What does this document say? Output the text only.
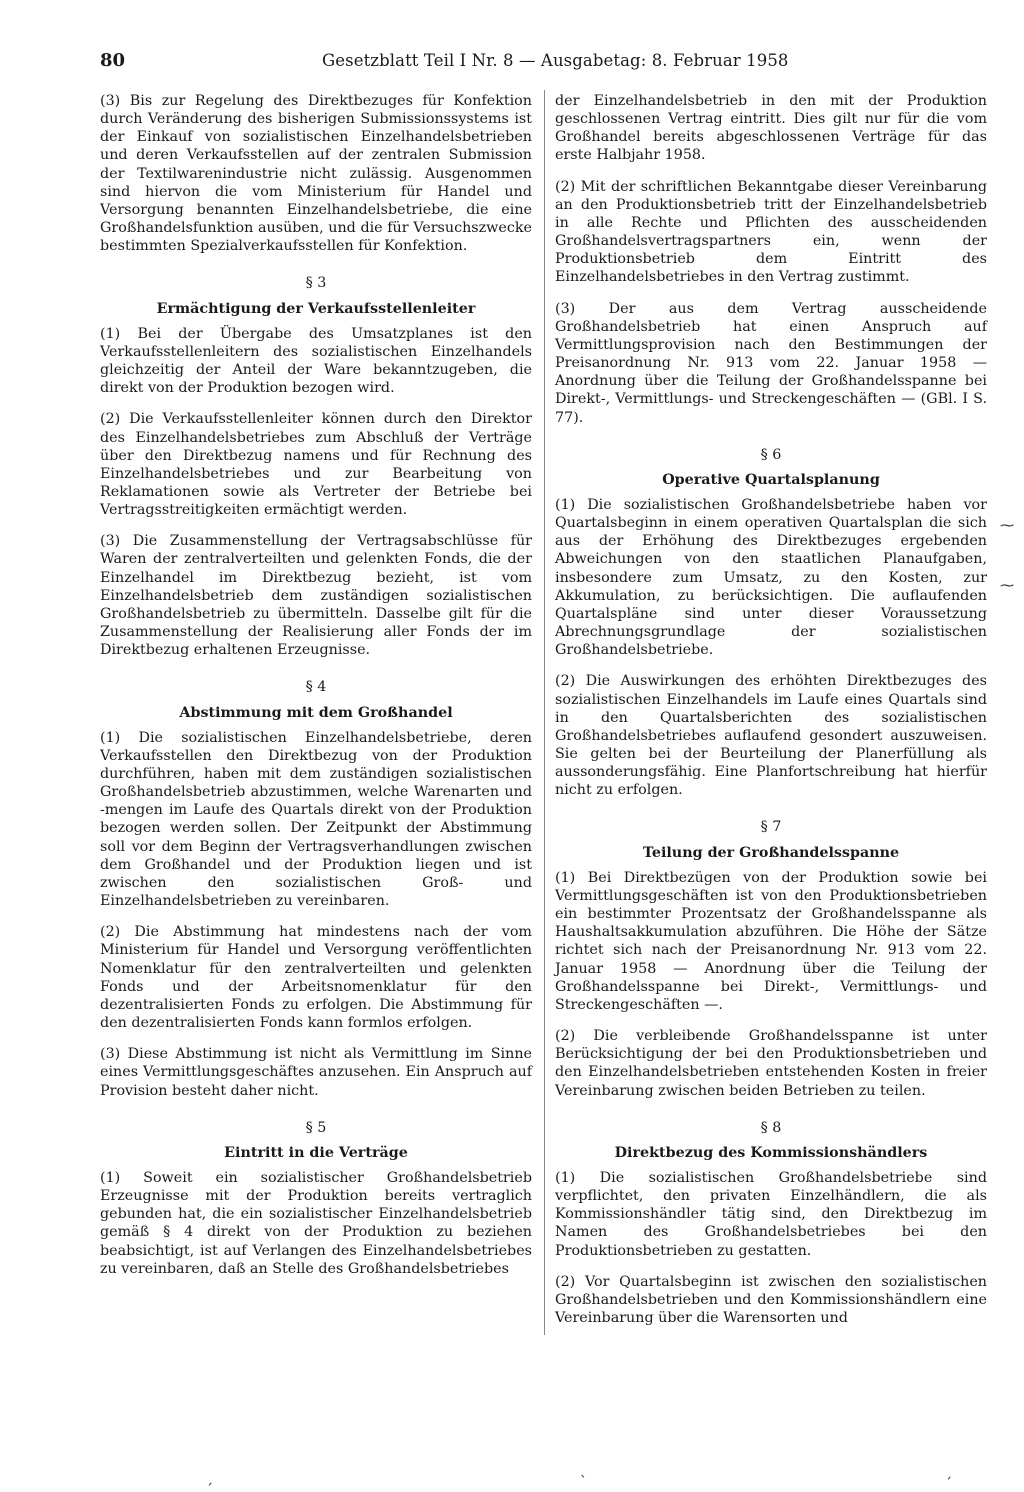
80	Gesetzblatt Teil I Nr. 8 — Ausgabetag: 8. Februar 1958

(3) Bis zur Regelung des Direktbezuges für Konfektion durch Veränderung des bisherigen Submissionssystems ist der Einkauf von sozialistischen Einzelhandelsbetrieben und deren Verkaufsstellen auf der zentralen Submission der Textilwarenindustrie nicht zulässig. Ausgenommen sind hiervon die vom Ministerium für Handel und Versorgung benannten Einzelhandelsbetriebe, die eine Großhandelsfunktion ausüben, und die für Versuchszwecke bestimmten Spezialverkaufsstellen für Konfektion.

§ 3
Ermächtigung der Verkaufsstellenleiter

(1) Bei der Übergabe des Umsatzplanes ist den Verkaufsstellenleitern des sozialistischen Einzelhandels gleichzeitig der Anteil der Ware bekanntzugeben, die direkt von der Produktion bezogen wird.

(2) Die Verkaufsstellenleiter können durch den Direktor des Einzelhandelsbetriebes zum Abschluß der Verträge über den Direktbezug namens und für Rechnung des Einzelhandelsbetriebes und zur Bearbeitung von Reklamationen sowie als Vertreter der Betriebe bei Vertragsstreitigkeiten ermächtigt werden.

(3) Die Zusammenstellung der Vertragsabschlüsse für Waren der zentralverteilten und gelenkten Fonds, die der Einzelhandel im Direktbezug bezieht, ist vom Einzelhandelsbetrieb dem zuständigen sozialistischen Großhandelsbetrieb zu übermitteln. Dasselbe gilt für die Zusammenstellung der Realisierung aller Fonds der im Direktbezug erhaltenen Erzeugnisse.

§ 4
Abstimmung mit dem Großhandel

(1) Die sozialistischen Einzelhandelsbetriebe, deren Verkaufsstellen den Direktbezug von der Produktion durchführen, haben mit dem zuständigen sozialistischen Großhandelsbetrieb abzustimmen, welche Warenarten und -mengen im Laufe des Quartals direkt von der Produktion bezogen werden sollen. Der Zeitpunkt der Abstimmung soll vor dem Beginn der Vertragsverhandlungen zwischen dem Großhandel und der Produktion liegen und ist zwischen den sozialistischen Groß- und Einzelhandelsbetrieben zu vereinbaren.

(2) Die Abstimmung hat mindestens nach der vom Ministerium für Handel und Versorgung veröffentlichten Nomenklatur für den zentralverteilten und gelenkten Fonds und der Arbeitsnomenklatur für den dezentralisierten Fonds zu erfolgen. Die Abstimmung für den dezentralisierten Fonds kann formlos erfolgen.

(3) Diese Abstimmung ist nicht als Vermittlung im Sinne eines Vermittlungsgeschäftes anzusehen. Ein Anspruch auf Provision besteht daher nicht.

§ 5
Eintritt in die Verträge

(1) Soweit ein sozialistischer Großhandelsbetrieb Erzeugnisse mit der Produktion bereits vertraglich gebunden hat, die ein sozialistischer Einzelhandelsbetrieb gemäß § 4 direkt von der Produktion zu beziehen beabsichtigt, ist auf Verlangen des Einzelhandelsbetriebes zu vereinbaren, daß an Stelle des Großhandelsbetriebes

der Einzelhandelsbetrieb in den mit der Produktion geschlossenen Vertrag eintritt. Dies gilt nur für die vom Großhandel bereits abgeschlossenen Verträge für das erste Halbjahr 1958.

(2) Mit der schriftlichen Bekanntgabe dieser Vereinbarung an den Produktionsbetrieb tritt der Einzelhandelsbetrieb in alle Rechte und Pflichten des ausscheidenden Großhandelsvertragspartners ein, wenn der Produktionsbetrieb dem Eintritt des Einzelhandelsbetriebes in den Vertrag zustimmt.

(3) Der aus dem Vertrag ausscheidende Großhandelsbetrieb hat einen Anspruch auf Vermittlungsprovision nach den Bestimmungen der Preisanordnung Nr. 913 vom 22. Januar 1958 — Anordnung über die Teilung der Großhandelsspanne bei Direkt-, Vermittlungs- und Streckengeschäften — (GBl. I S. 77).

§ 6
Operative Quartalsplanung

(1) Die sozialistischen Großhandelsbetriebe haben vor Quartalsbeginn in einem operativen Quartalsplan die sich aus der Erhöhung des Direktbezuges ergebenden Abweichungen von den staatlichen Planaufgaben, insbesondere zum Umsatz, zu den Kosten, zur Akkumulation, zu berücksichtigen. Die auflaufenden Quartalspläne sind unter dieser Voraussetzung Abrechnungsgrundlage der sozialistischen Großhandelsbetriebe.

(2) Die Auswirkungen des erhöhten Direktbezuges des sozialistischen Einzelhandels im Laufe eines Quartals sind in den Quartalsberichten des sozialistischen Großhandelsbetriebes auflaufend gesondert auszuweisen. Sie gelten bei der Beurteilung der Planerfüllung als aussonderungsfähig. Eine Planfortschreibung hat hierfür nicht zu erfolgen.

§ 7
Teilung der Großhandelsspanne

(1) Bei Direktbezügen von der Produktion sowie bei Vermittlungsgeschäften ist von den Produktionsbetrieben ein bestimmter Prozentsatz der Großhandelsspanne als Haushaltsakkumulation abzuführen. Die Höhe der Sätze richtet sich nach der Preisanordnung Nr. 913 vom 22. Januar 1958 — Anordnung über die Teilung der Großhandelsspanne bei Direkt-, Vermittlungs- und Streckengeschäften —.

(2) Die verbleibende Großhandelsspanne ist unter Berücksichtigung der bei den Produktionsbetrieben und den Einzelhandelsbetrieben entstehenden Kosten in freier Vereinbarung zwischen beiden Betrieben zu teilen.

§ 8
Direktbezug des Kommissionshändlers

(1) Die sozialistischen Großhandelsbetriebe sind verpflichtet, den privaten Einzelhändlern, die als Kommissionshändler tätig sind, den Direktbezug im Namen des Großhandelsbetriebes bei den Produktionsbetrieben zu gestatten.

(2) Vor Quartalsbeginn ist zwischen den sozialistischen Großhandelsbetrieben und den Kommissionshändlern eine Vereinbarung über die Warensorten und

⁓
⁓
ˏ	ˎ	ˏ
